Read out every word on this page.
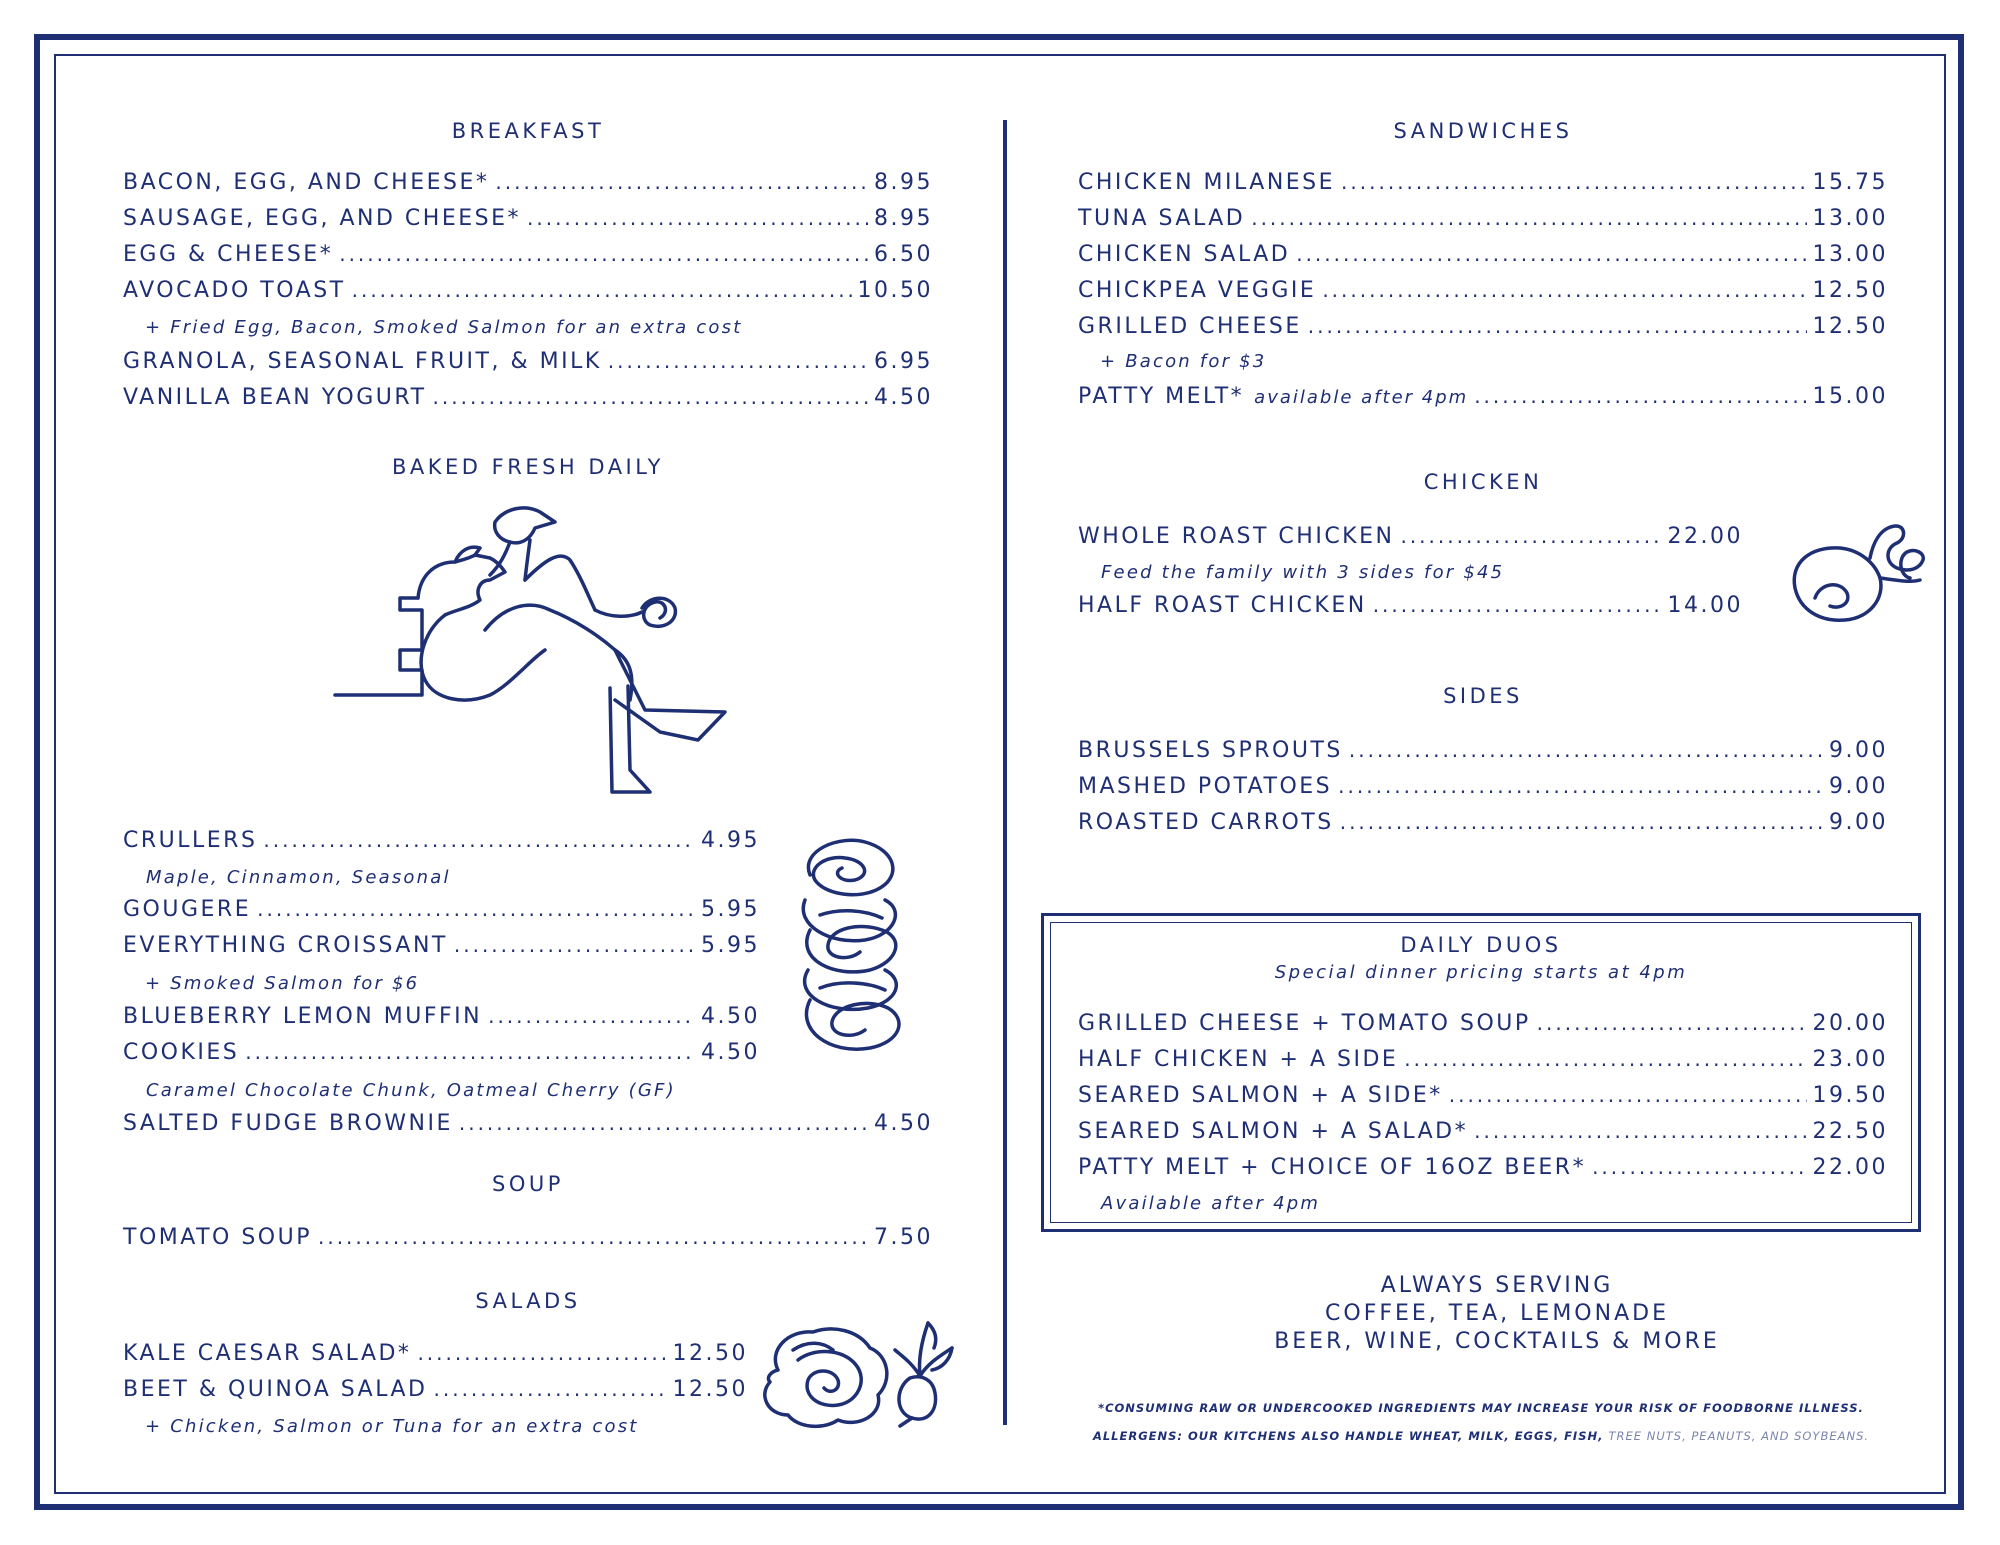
BREAKFAST
BACON, EGG, AND CHEESE* .....	8.95
SAUSAGE, EGG, AND CHEESE* .....	8.95
EGG & CHEESE* .....	6.50
AVOCADO TOAST .....	10.50
+ Fried Egg, Bacon, Smoked Salmon for an extra cost
GRANOLA, SEASONAL FRUIT, & MILK .....	6.95
VANILLA BEAN YOGURT .....	4.50
BAKED FRESH DAILY
CRULLERS .....	4.95
Maple, Cinnamon, Seasonal
GOUGERE .....	5.95
EVERYTHING CROISSANT .....	5.95
+ Smoked Salmon for $6
BLUEBERRY LEMON MUFFIN .....	4.50
COOKIES .....	4.50
Caramel Chocolate Chunk, Oatmeal Cherry (GF)
SALTED FUDGE BROWNIE .....	4.50
SOUP
TOMATO SOUP .....	7.50
SALADS
KALE CAESAR SALAD* .....	12.50
BEET & QUINOA SALAD .....	12.50
+ Chicken, Salmon or Tuna for an extra cost
SANDWICHES
CHICKEN MILANESE .....	15.75
TUNA SALAD .....	13.00
CHICKEN SALAD .....	13.00
CHICKPEA VEGGIE .....	12.50
GRILLED CHEESE .....	12.50
+ Bacon for $3
PATTY MELT* available after 4pm .....	15.00
CHICKEN
WHOLE ROAST CHICKEN .....	22.00
Feed the family with 3 sides for $45
HALF ROAST CHICKEN .....	14.00
SIDES
BRUSSELS SPROUTS .....	9.00
MASHED POTATOES .....	9.00
ROASTED CARROTS .....	9.00
DAILY DUOS
Special dinner pricing starts at 4pm
GRILLED CHEESE + TOMATO SOUP .....	20.00
HALF CHICKEN + A SIDE .....	23.00
SEARED SALMON + A SIDE* .....	19.50
SEARED SALMON + A SALAD* .....	22.50
PATTY MELT + CHOICE OF 16OZ BEER* .....	22.00
Available after 4pm
ALWAYS SERVING
COFFEE, TEA, LEMONADE
BEER, WINE, COCKTAILS & MORE
*CONSUMING RAW OR UNDERCOOKED INGREDIENTS MAY INCREASE YOUR RISK OF FOODBORNE ILLNESS.
ALLERGENS: OUR KITCHENS ALSO HANDLE WHEAT, MILK, EGGS, FISH, TREE NUTS, PEANUTS, AND SOYBEANS.
